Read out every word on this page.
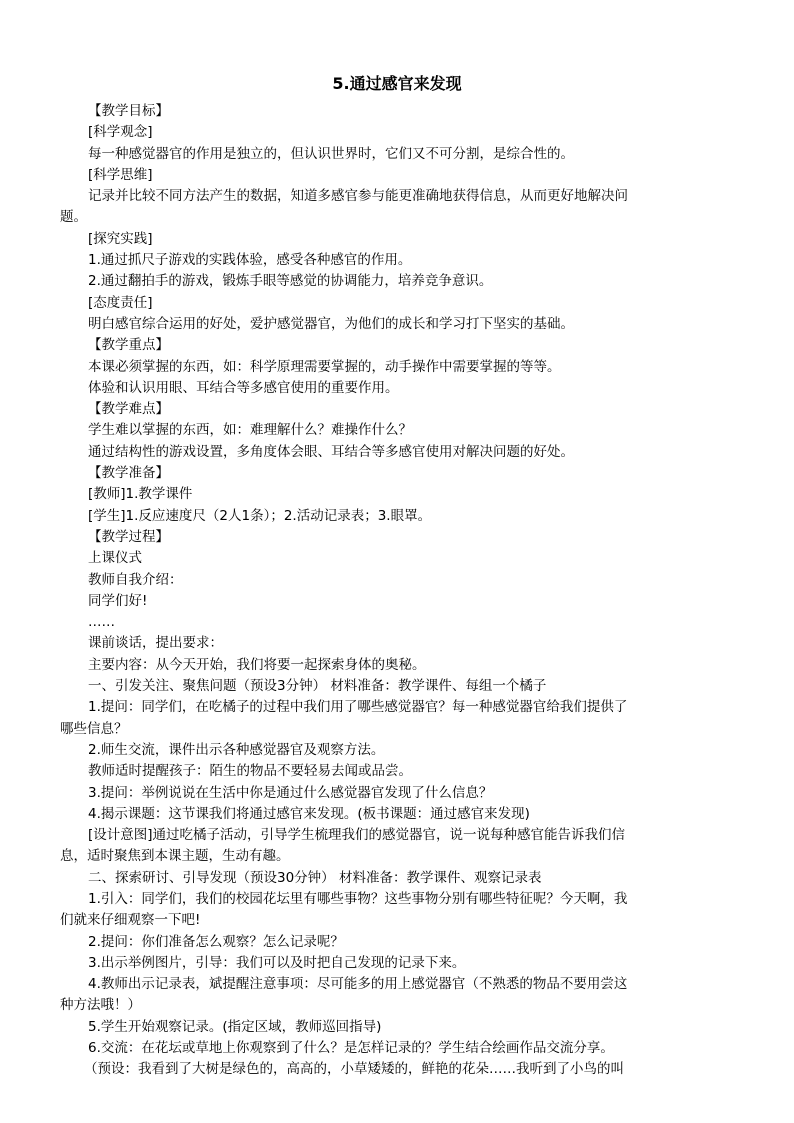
5.通过感官来发现
【教学目标】
[科学观念]
每一种感觉器官的作用是独立的，但认识世界时，它们又不可分割，是综合性的。
[科学思维]
记录并比较不同方法产生的数据，知道多感官参与能更准确地获得信息，从而更好地解决问
题。
[探究实践]
1.通过抓尺子游戏的实践体验，感受各种感官的作用。
2.通过翻拍手的游戏，锻炼手眼等感觉的协调能力，培养竞争意识。
[态度责任]
明白感官综合运用的好处，爱护感觉器官，为他们的成长和学习打下坚实的基础。
【教学重点】
本课必须掌握的东西，如：科学原理需要掌握的，动手操作中需要掌握的等等。
体验和认识用眼、耳结合等多感官使用的重要作用。
【教学难点】
学生难以掌握的东西，如：难理解什么？难操作什么？
通过结构性的游戏设置，多角度体会眼、耳结合等多感官使用对解决问题的好处。
【教学准备】
[教师]1.教学课件
[学生]1.反应速度尺（2人1条）；2.活动记录表；3.眼罩。
【教学过程】
上课仪式
教师自我介绍：
同学们好!
……
课前谈话，提出要求：
主要内容：从今天开始，我们将要一起探索身体的奥秘。
一、引发关注、聚焦问题（预设3分钟） 材料准备：教学课件、每组一个橘子
1.提问：同学们，在吃橘子的过程中我们用了哪些感觉器官？每一种感觉器官给我们提供了
哪些信息？
2.师生交流，课件出示各种感觉器官及观察方法。
教师适时提醒孩子：陌生的物品不要轻易去闻或品尝。
3.提问：举例说说在生活中你是通过什么感觉器官发现了什么信息？
4.揭示课题：这节课我们将通过感官来发现。(板书课题：通过感官来发现)
[设计意图]通过吃橘子活动，引导学生梳理我们的感觉器官，说一说每种感官能告诉我们信
息，适时聚焦到本课主题，生动有趣。
二、探索研讨、引导发现（预设30分钟） 材料准备：教学课件、观察记录表
1.引入：同学们，我们的校园花坛里有哪些事物？这些事物分别有哪些特征呢？今天啊，我
们就来仔细观察一下吧!
2.提问：你们准备怎么观察？怎么记录呢？
3.出示举例图片，引导：我们可以及时把自己发现的记录下来。
4.教师出示记录表，斌提醒注意事项：尽可能多的用上感觉器官（不熟悉的物品不要用尝这
种方法哦！）
5.学生开始观察记录。(指定区域，教师巡回指导)
6.交流：在花坛或草地上你观察到了什么？是怎样记录的？学生结合绘画作品交流分享。
（预设：我看到了大树是绿色的，高高的，小草矮矮的，鲜艳的花朵……我听到了小鸟的叫
